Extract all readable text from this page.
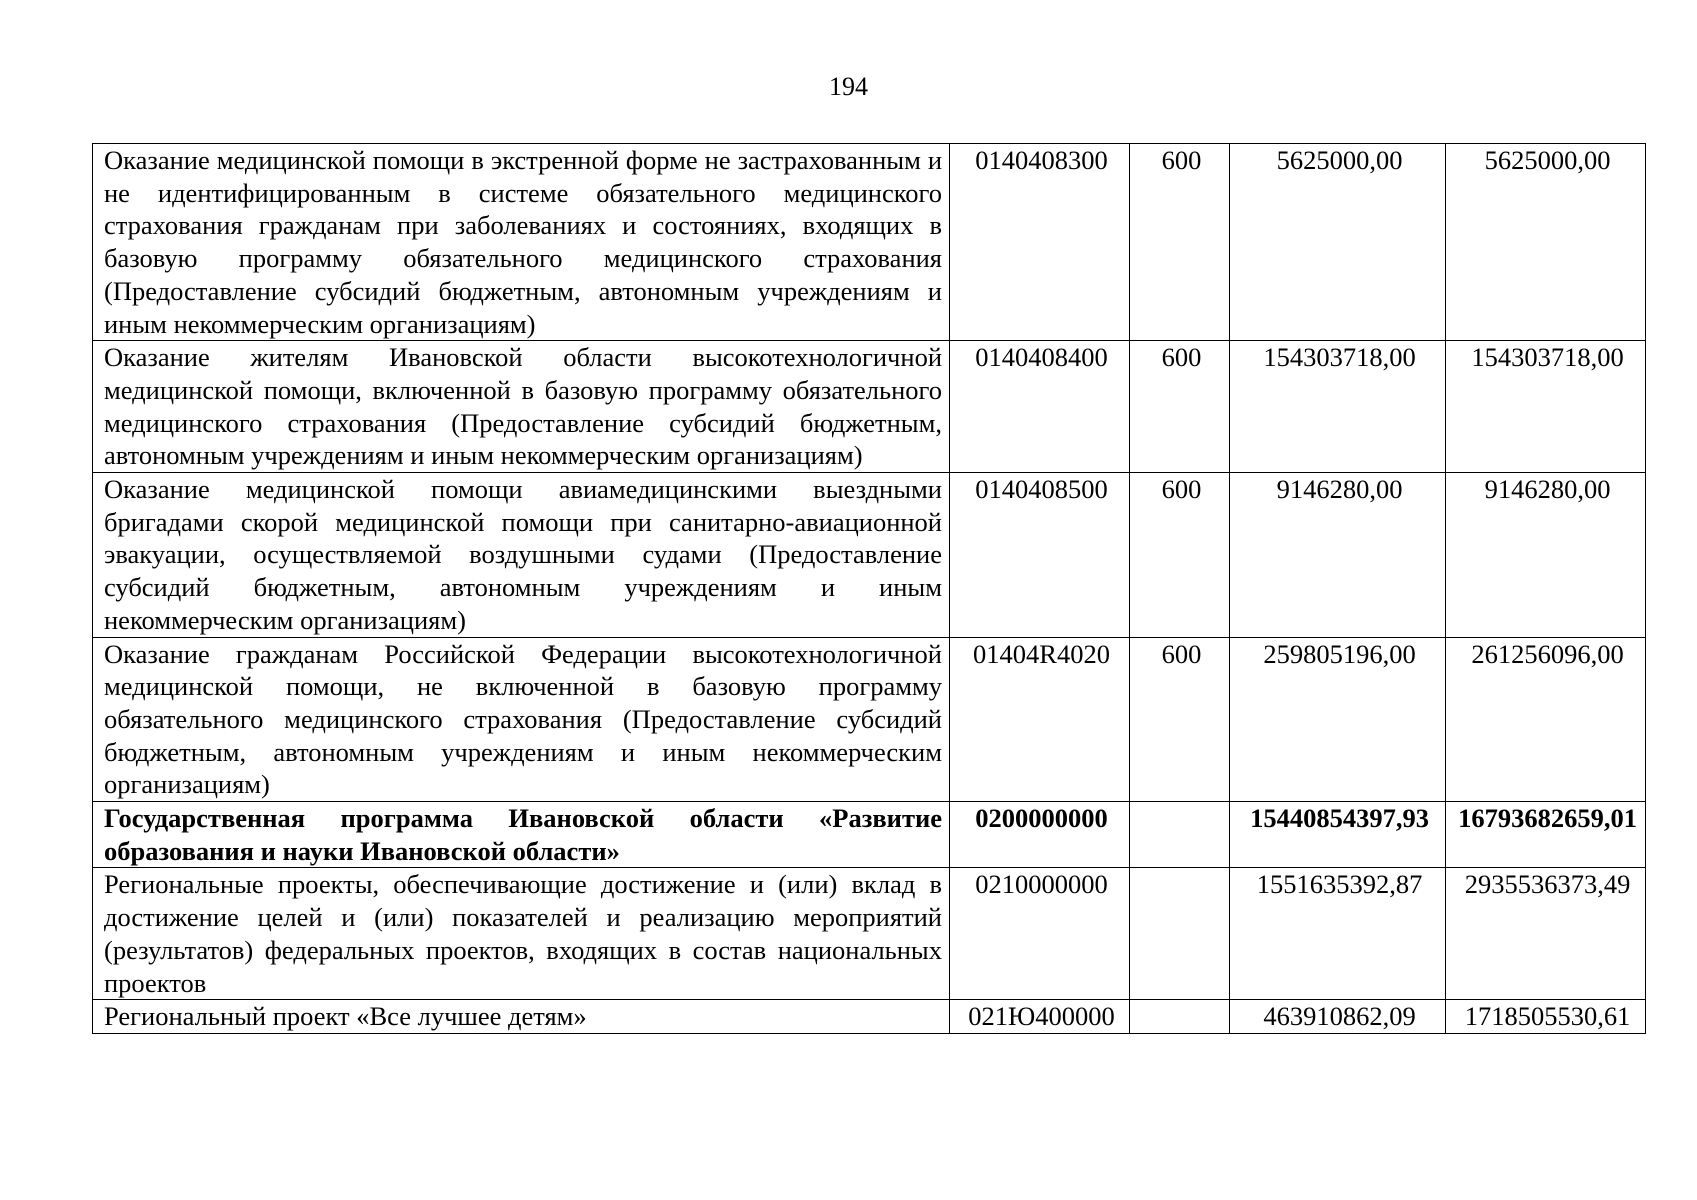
194
Оказание медицинской помощи в экстренной форме не застрахованным и не идентифицированным в системе обязательного медицинского страхования гражданам при заболеваниях и состояниях, входящих в базовую программу обязательного медицинского страхования (Предоставление субсидий бюджетным, автономным учреждениям и иным некоммерческим организациям)	0140408300	600	5625000,00	5625000,00
Оказание жителям Ивановской области высокотехнологичной медицинской помощи, включенной в базовую программу обязательного медицинского страхования (Предоставление субсидий бюджетным, автономным учреждениям и иным некоммерческим организациям)	0140408400	600	154303718,00	154303718,00
Оказание медицинской помощи авиамедицинскими выездными бригадами скорой медицинской помощи при санитарно-авиационной эвакуации, осуществляемой воздушными судами (Предоставление субсидий бюджетным, автономным учреждениям и иным некоммерческим организациям)	0140408500	600	9146280,00	9146280,00
Оказание гражданам Российской Федерации высокотехнологичной медицинской помощи, не включенной в базовую программу обязательного медицинского страхования (Предоставление субсидий бюджетным, автономным учреждениям и иным некоммерческим организациям)	01404R4020	600	259805196,00	261256096,00
Государственная программа Ивановской области «Развитие образования и науки Ивановской области»	0200000000		15440854397,93	16793682659,01
Региональные проекты, обеспечивающие достижение и (или) вклад в достижение целей и (или) показателей и реализацию мероприятий (результатов) федеральных проектов, входящих в состав национальных проектов	0210000000		1551635392,87	2935536373,49
Региональный проект «Все лучшее детям»	021Ю400000		463910862,09	1718505530,61
